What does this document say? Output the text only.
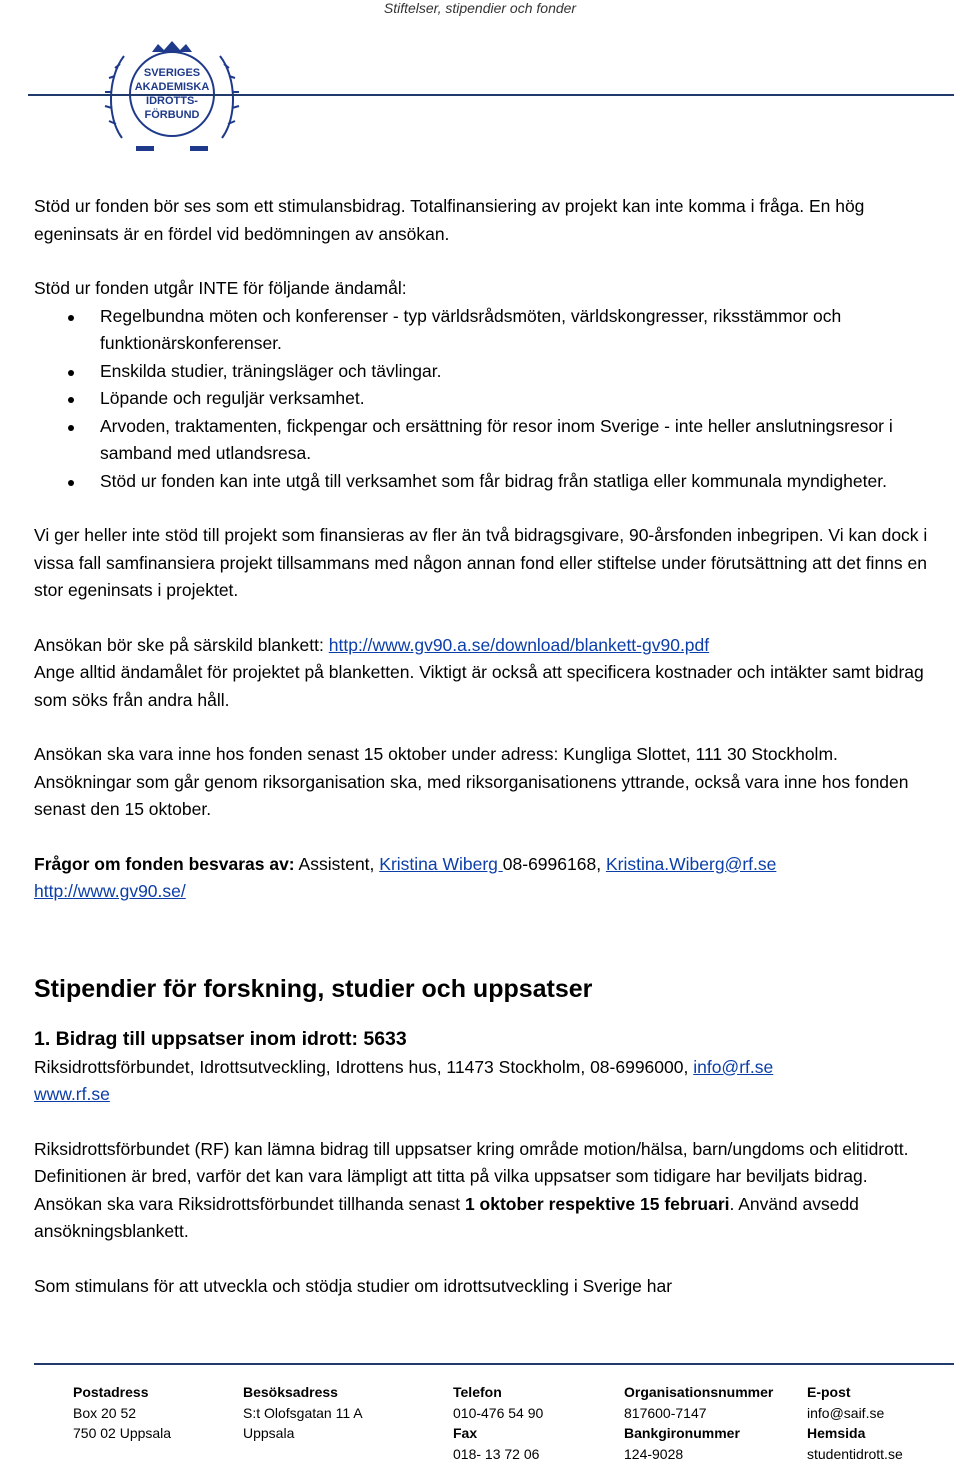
Stiftelser, stipendier och fonder
SVERIGES
AKADEMISKA
IDROTTS-
FÖRBUND

Stöd ur fonden bör ses som ett stimulansbidrag. Totalfinansiering av projekt kan inte komma i fråga. En hög egeninsats är en fördel vid bedömningen av ansökan.

Stöd ur fonden utgår INTE för följande ändamål:

Regelbundna möten och konferenser - typ världsrådsmöten, världskongresser, riksstämmor och funktionärskonferenser.
Enskilda studier, träningsläger och tävlingar.
Löpande och reguljär verksamhet.
Arvoden, traktamenten, fickpengar och ersättning för resor inom Sverige - inte heller anslutningsresor i samband med utlandsresa.
Stöd ur fonden kan inte utgå till verksamhet som får bidrag från statliga eller kommunala myndigheter.

Vi ger heller inte stöd till projekt som finansieras av fler än två bidragsgivare, 90-årsfonden inbegripen. Vi kan dock i vissa fall samfinansiera projekt tillsammans med någon annan fond eller stiftelse under förutsättning att det finns en stor egeninsats i projektet.

Ansökan bör ske på särskild blankett: http://www.gv90.a.se/download/blankett-gv90.pdf
Ange alltid ändamålet för projektet på blanketten. Viktigt är också att specificera kostnader och intäkter samt bidrag som söks från andra håll.

Ansökan ska vara inne hos fonden senast 15 oktober under adress: Kungliga Slottet, 111 30 Stockholm. Ansökningar som går genom riksorganisation ska, med riksorganisationens yttrande, också vara inne hos fonden senast den 15 oktober.

Frågor om fonden besvaras av: Assistent, Kristina Wiberg 08-6996168, Kristina.Wiberg@rf.se
http://www.gv90.se/

Stipendier för forskning, studier och uppsatser
1. Bidrag till uppsatser inom idrott: 5633

Riksidrottsförbundet, Idrottsutveckling, Idrottens hus, 11473 Stockholm, 08-6996000, info@rf.se
www.rf.se

Riksidrottsförbundet (RF) kan lämna bidrag till uppsatser kring område motion/hälsa, barn/ungdoms och elitidrott. Definitionen är bred, varför det kan vara lämpligt att titta på vilka uppsatser som tidigare har beviljats bidrag.

Ansökan ska vara Riksidrottsförbundet tillhanda senast 1 oktober respektive 15 februari. Använd avsedd ansökningsblankett.

Som stimulans för att utveckla och stödja studier om idrottsutveckling i Sverige har

Postadress
Box 20 52
750 02 Uppsala
Besöksadress
S:t Olofsgatan 11 A
Uppsala
Telefon
010-476 54 90
Fax
018- 13 72 06
Organisationsnummer
817600-7147
Bankgironummer
124-9028
E-post
info@saif.se
Hemsida
studentidrott.se
